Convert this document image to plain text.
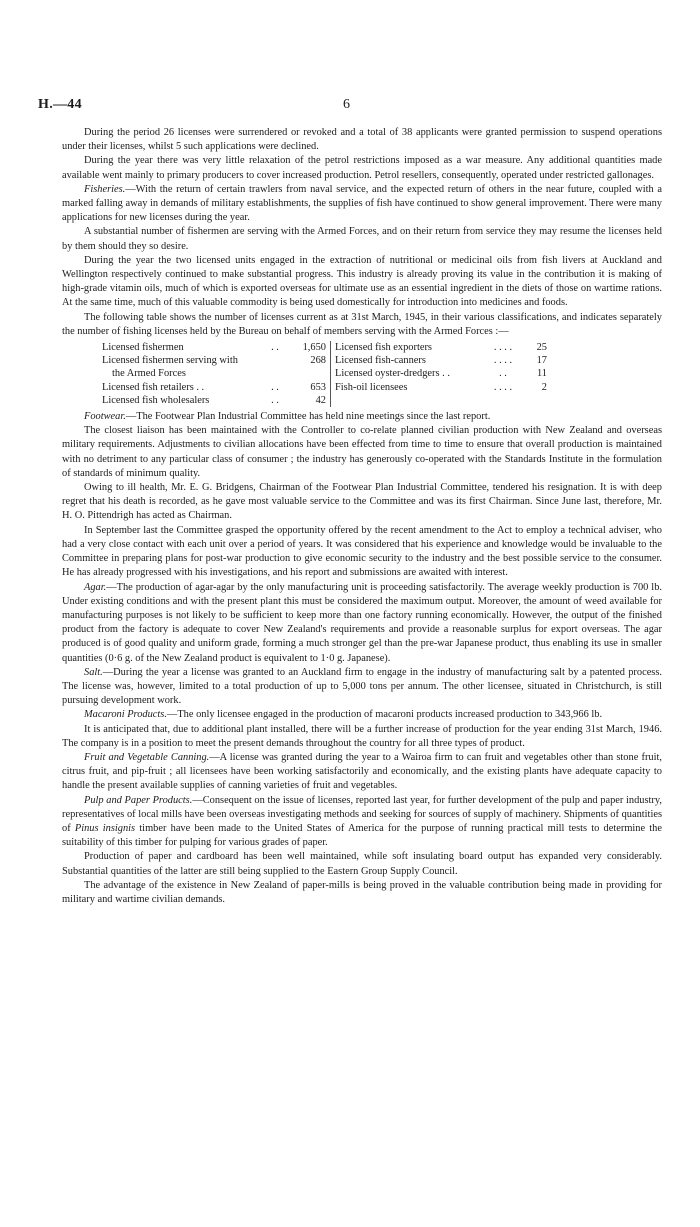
H.—44	6

During the period 26 licenses were surrendered or revoked and a total of 38 applicants were granted permission to suspend operations under their licenses, whilst 5 such applications were declined.

During the year there was very little relaxation of the petrol restrictions imposed as a war measure. Any additional quantities made available went mainly to primary producers to cover increased production. Petrol resellers, consequently, operated under restricted gallonages.

Fisheries.—With the return of certain trawlers from naval service, and the expected return of others in the near future, coupled with a marked falling away in demands of military establishments, the supplies of fish have continued to show general improvement. There were many applications for new licenses during the year.

A substantial number of fishermen are serving with the Armed Forces, and on their return from service they may resume the licenses held by them should they so desire.

During the year the two licensed units engaged in the extraction of nutritional or medicinal oils from fish livers at Auckland and Wellington respectively continued to make substantial progress. This industry is already proving its value in the contribution it is making of high-grade vitamin oils, much of which is exported overseas for ultimate use as an essential ingredient in the diets of those on wartime rations. At the same time, much of this valuable commodity is being used domestically for introduction into medicines and foods.

The following table shows the number of licenses current as at 31st March, 1945, in their various classifications, and indicates separately the number of fishing licenses held by the Bureau on behalf of members serving with the Armed Forces :—

Licensed fishermen	. .	1,650	Licensed fish exporters	. . . .	25
Licensed fishermen serving with		268	Licensed fish-canners	. . . .	17
the Armed Forces			Licensed oyster-dredgers . .	. .	11
Licensed fish retailers . .	. .	653	Fish-oil licensees	. . . .	2
Licensed fish wholesalers	. .	42			

Footwear.—The Footwear Plan Industrial Committee has held nine meetings since the last report.

The closest liaison has been maintained with the Controller to co-relate planned civilian production with New Zealand and overseas military requirements. Adjustments to civilian allocations have been effected from time to time to ensure that overall production is maintained with no detriment to any particular class of consumer ; the industry has generously co-operated with the Standards Institute in the formulation of standards of minimum quality.

Owing to ill health, Mr. E. G. Bridgens, Chairman of the Footwear Plan Industrial Committee, tendered his resignation. It is with deep regret that his death is recorded, as he gave most valuable service to the Committee and was its first Chairman. Since June last, therefore, Mr. H. O. Pittendrigh has acted as Chairman.

In September last the Committee grasped the opportunity offered by the recent amendment to the Act to employ a technical adviser, who had a very close contact with each unit over a period of years. It was considered that his experience and knowledge would be invaluable to the Committee in preparing plans for post-war production to give economic security to the industry and the best possible service to the consumer. He has already progressed with his investigations, and his report and submissions are awaited with interest.

Agar.—The production of agar-agar by the only manufacturing unit is proceeding satisfactorily. The average weekly production is 700 lb. Under existing conditions and with the present plant this must be considered the maximum output. Moreover, the amount of weed available for manufacturing purposes is not likely to be sufficient to keep more than one factory running economically. However, the output of the finished product from the factory is adequate to cover New Zealand's requirements and provide a reasonable surplus for export overseas. The agar produced is of good quality and uniform grade, forming a much stronger gel than the pre-war Japanese product, thus enabling its use in smaller quantities (0·6 g. of the New Zealand product is equivalent to 1·0 g. Japanese).

Salt.—During the year a license was granted to an Auckland firm to engage in the industry of manufacturing salt by a patented process. The license was, however, limited to a total production of up to 5,000 tons per annum. The other licensee, situated in Christchurch, is still pursuing development work.

Macaroni Products.—The only licensee engaged in the production of macaroni products increased production to 343,966 lb.

It is anticipated that, due to additional plant installed, there will be a further increase of production for the year ending 31st March, 1946. The company is in a position to meet the present demands throughout the country for all three types of product.

Fruit and Vegetable Canning.—A license was granted during the year to a Wairoa firm to can fruit and vegetables other than stone fruit, citrus fruit, and pip-fruit ; all licensees have been working satisfactorily and economically, and the existing plants have adequate capacity to handle the present available supplies of canning varieties of fruit and vegetables.

Pulp and Paper Products.—Consequent on the issue of licenses, reported last year, for further development of the pulp and paper industry, representatives of local mills have been overseas investigating methods and seeking for sources of supply of machinery. Shipments of quantities of Pinus insignis timber have been made to the United States of America for the purpose of running practical mill tests to determine the suitability of this timber for pulping for various grades of paper.

Production of paper and cardboard has been well maintained, while soft insulating board output has expanded very considerably. Substantial quantities of the latter are still being supplied to the Eastern Group Supply Council.

The advantage of the existence in New Zealand of paper-mills is being proved in the valuable contribution being made in providing for military and wartime civilian demands.
